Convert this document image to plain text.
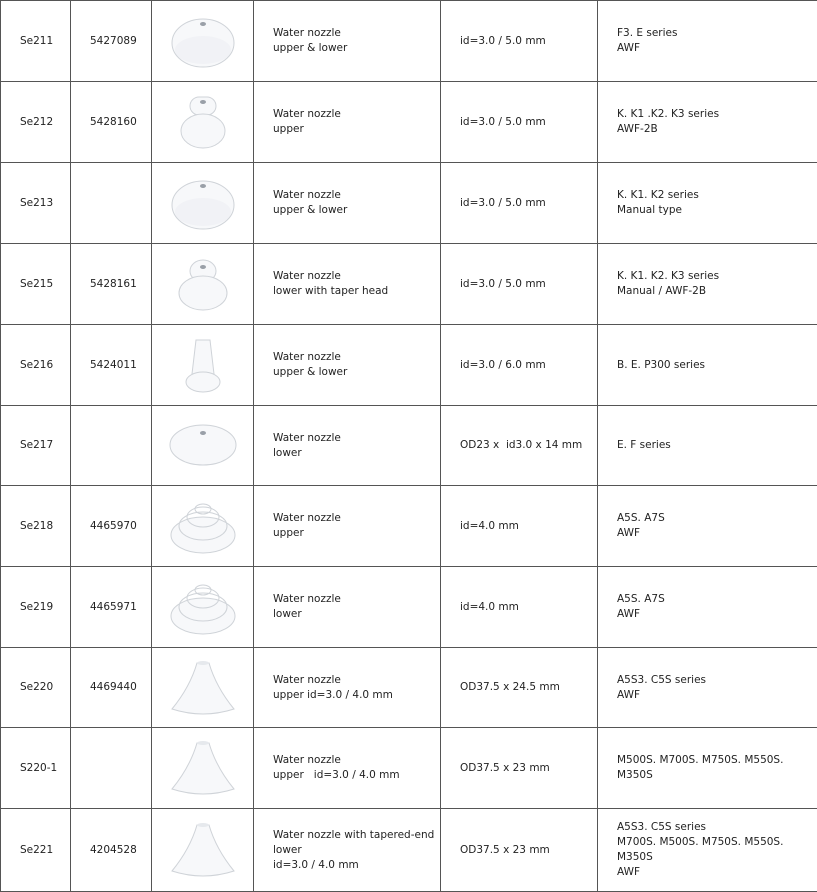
Se211	5427089		Water nozzle
upper & lower	id=3.0 / 5.0 mm	F3. E series
AWF

Se212	5428160		Water nozzle
upper	id=3.0 / 5.0 mm	K. K1 .K2. K3 series
AWF-2B

Se213			Water nozzle
upper & lower	id=3.0 / 5.0 mm	K. K1. K2 series
Manual type

Se215	5428161		Water nozzle
lower with taper head	id=3.0 / 5.0 mm	K. K1. K2. K3 series
Manual / AWF-2B

Se216	5424011		Water nozzle
upper & lower	id=3.0 / 6.0 mm	B. E. P300 series

Se217			Water nozzle
lower	OD23 x  id3.0 x 14 mm	E. F series

Se218	4465970		Water nozzle
upper	id=4.0 mm	A5S. A7S
AWF

Se219	4465971		Water nozzle
lower	id=4.0 mm	A5S. A7S
AWF

Se220	4469440		Water nozzle
upper id=3.0 / 4.0 mm	OD37.5 x 24.5 mm	A5S3. C5S series
AWF

S220-1			Water nozzle
upper   id=3.0 / 4.0 mm	OD37.5 x 23 mm	M500S. M700S. M750S. M550S.
M350S

Se221	4204528		Water nozzle with tapered-end
lower
id=3.0 / 4.0 mm	OD37.5 x 23 mm	A5S3. C5S series
M700S. M500S. M750S. M550S.
M350S
AWF
